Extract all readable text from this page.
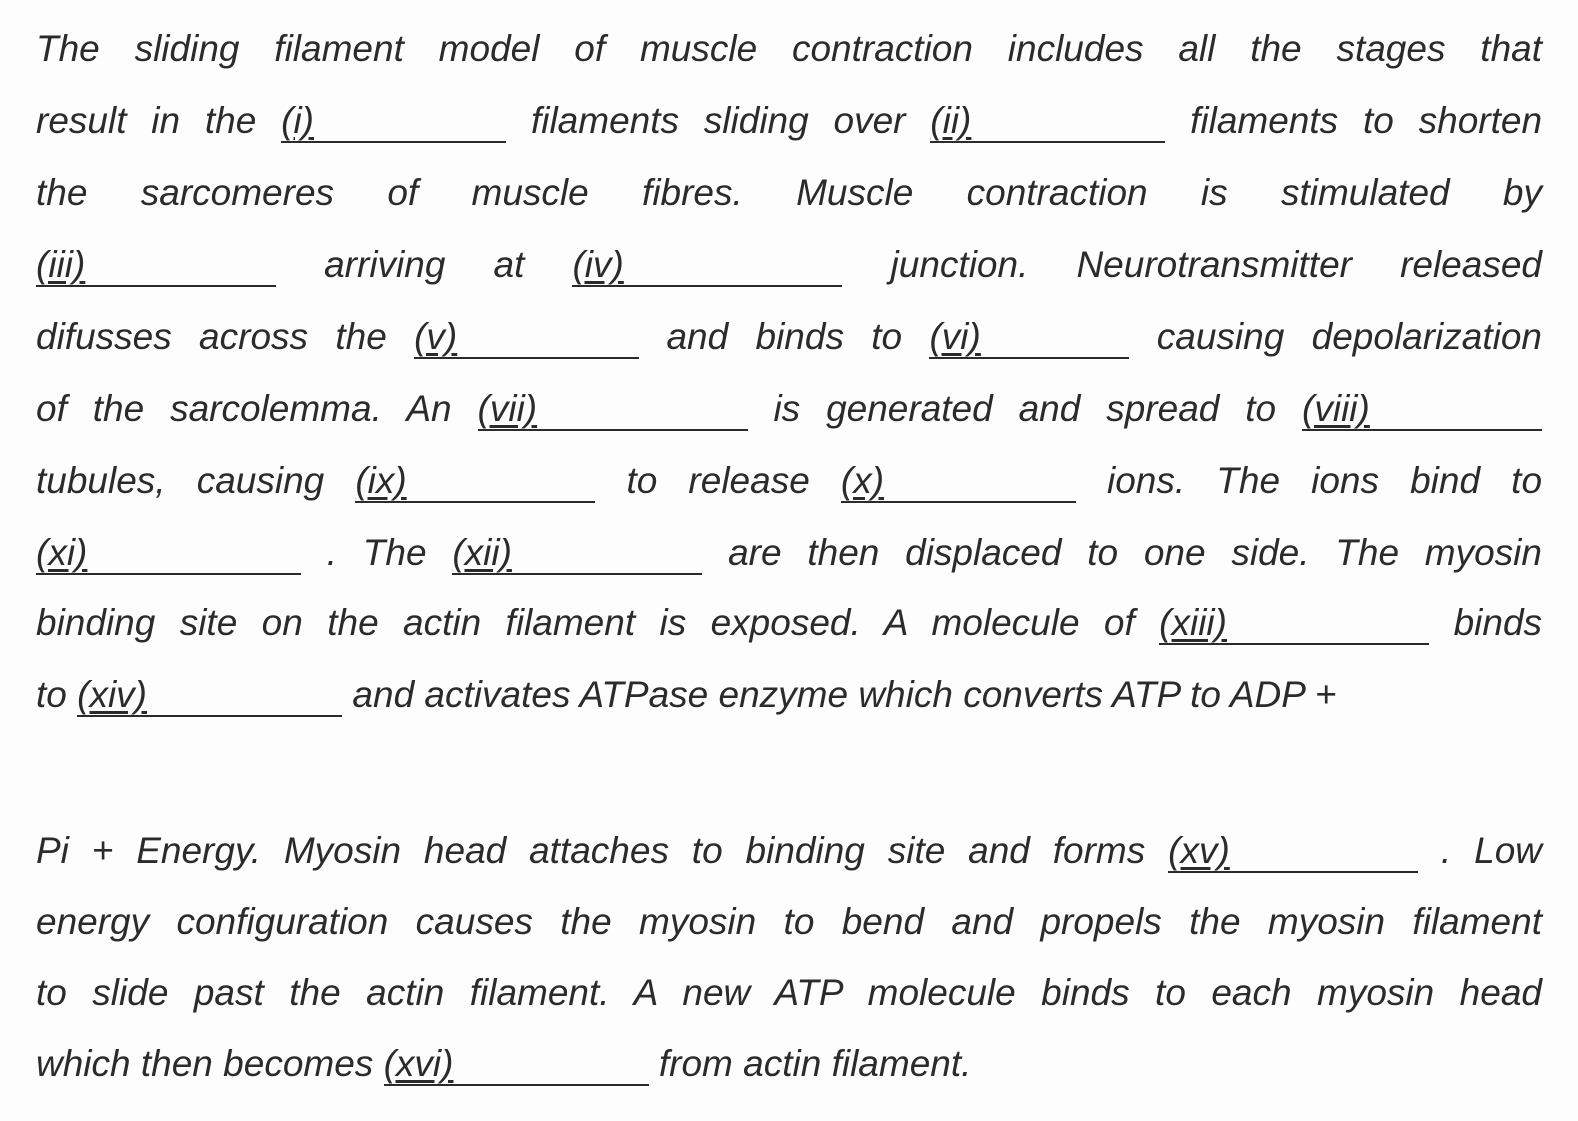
The sliding filament model of muscle contraction includes all the stages that
result in the (i)	filaments sliding over (ii)	filaments to shorten
the sarcomeres of muscle fibres. Muscle contraction is stimulated by
(iii)	arriving at (iv)	junction. Neurotransmitter released
difusses across the (v)	and binds to (vi)	causing depolarization
of the sarcolemma. An (vii)	is generated and spread to (viii)
tubules, causing (ix)	to release (x)	ions. The ions bind to
(xi)	. The (xii)	are then displaced to one side. The myosin
binding site on the actin filament is exposed. A molecule of (xiii)	binds
to (xiv)	and activates ATPase enzyme which converts ATP to ADP +
Pi + Energy. Myosin head attaches to binding site and forms (xv)	. Low
energy configuration causes the myosin to bend and propels the myosin filament
to slide past the actin filament. A new ATP molecule binds to each myosin head
which then becomes (xvi)	from actin filament.
